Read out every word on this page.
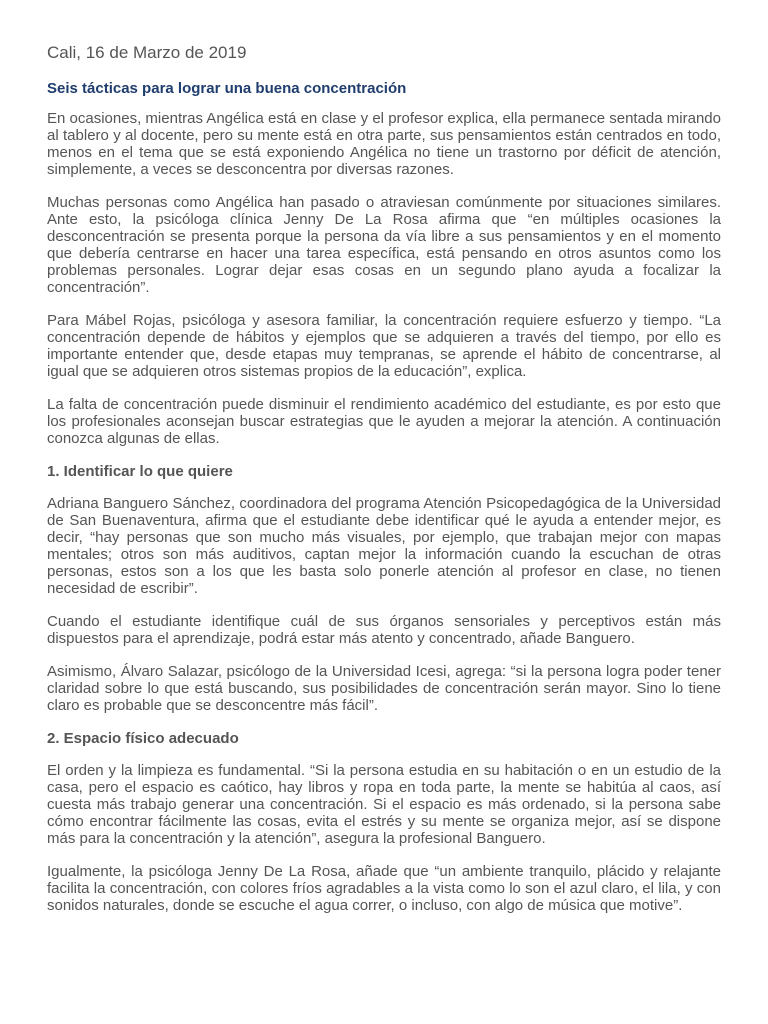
Cali, 16 de Marzo de 2019
Seis tácticas para lograr una buena concentración

En ocasiones, mientras Angélica está en clase y el profesor explica, ella permanece sentada mirando al tablero y al docente, pero su mente está en otra parte, sus pensamientos están centrados en todo, menos en el tema que se está exponiendo Angélica no tiene un trastorno por déficit de atención, simplemente, a veces se desconcentra por diversas razones.

Muchas personas como Angélica han pasado o atraviesan comúnmente por situaciones similares. Ante esto, la psicóloga clínica Jenny De La Rosa afirma que “en múltiples ocasiones la desconcentración se presenta porque la persona da vía libre a sus pensamientos y en el momento que debería centrarse en hacer una tarea específica, está pensando en otros asuntos como los problemas personales. Lograr dejar esas cosas en un segundo plano ayuda a focalizar la concentración”.

Para Mábel Rojas, psicóloga y asesora familiar, la concentración requiere esfuerzo y tiempo. “La concentración depende de hábitos y ejemplos que se adquieren a través del tiempo, por ello es importante entender que, desde etapas muy tempranas, se aprende el hábito de concentrarse, al igual que se adquieren otros sistemas propios de la educación”, explica.

La falta de concentración puede disminuir el rendimiento académico del estudiante, es por esto que los profesionales aconsejan buscar estrategias que le ayuden a mejorar la atención. A continuación conozca algunas de ellas.

1. Identificar lo que quiere

Adriana Banguero Sánchez, coordinadora del programa Atención Psicopedagógica de la Universidad de San Buenaventura, afirma que el estudiante debe identificar qué le ayuda a entender mejor, es decir, “hay personas que son mucho más visuales, por ejemplo, que trabajan mejor con mapas mentales; otros son más auditivos, captan mejor la información cuando la escuchan de otras personas, estos son a los que les basta solo ponerle atención al profesor en clase, no tienen necesidad de escribir”.

Cuando el estudiante identifique cuál de sus órganos sensoriales y perceptivos están más dispuestos para el aprendizaje, podrá estar más atento y concentrado, añade Banguero.

Asimismo, Álvaro Salazar, psicólogo de la Universidad Icesi, agrega: “si la persona logra poder tener claridad sobre lo que está buscando, sus posibilidades de concentración serán mayor. Sino lo tiene claro es probable que se desconcentre más fácil”.

2. Espacio físico adecuado

El orden y la limpieza es fundamental. “Si la persona estudia en su habitación o en un estudio de la casa, pero el espacio es caótico, hay libros y ropa en toda parte, la mente se habitúa al caos, así cuesta más trabajo generar una concentración. Si el espacio es más ordenado, si la persona sabe cómo encontrar fácilmente las cosas, evita el estrés y su mente se organiza mejor, así se dispone más para la concentración y la atención”, asegura la profesional Banguero.

Igualmente, la psicóloga Jenny De La Rosa, añade que “un ambiente tranquilo, plácido y relajante facilita la concentración, con colores fríos agradables a la vista como lo son el azul claro, el lila, y con sonidos naturales, donde se escuche el agua correr, o incluso, con algo de música que motive”.
